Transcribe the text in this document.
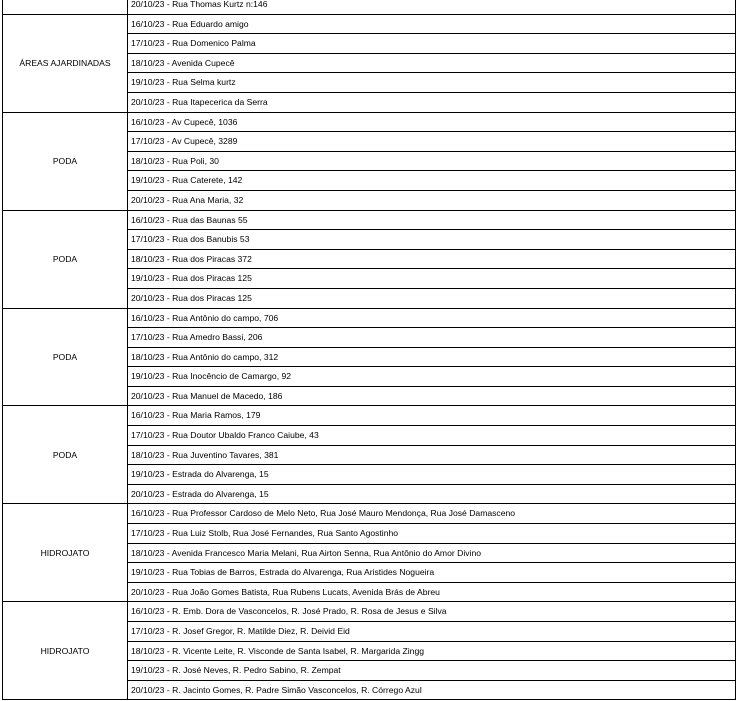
	20/10/23 - Rua Thomas Kurtz n:146
ÁREAS AJARDINADAS	16/10/23 - Rua Eduardo amigo
	17/10/23 - Rua Domenico Palma
	18/10/23 - Avenida Cupecê
	19/10/23 - Rua Selma kurtz
	20/10/23 - Rua Itapecerica da Serra
PODA	16/10/23 - Av Cupecê, 1036
	17/10/23 - Av Cupecê, 3289
	18/10/23 - Rua Poli, 30
	19/10/23 - Rua Caterete, 142
	20/10/23 - Rua Ana Maria, 32
PODA	16/10/23 - Rua das Baunas 55
	17/10/23 - Rua dos Banubis 53
	18/10/23 - Rua dos Piracas 372
	19/10/23 - Rua dos Piracas 125
	20/10/23 - Rua dos Piracas 125
PODA	16/10/23 - Rua Antônio do campo, 706
	17/10/23 - Rua Amedro Bassi, 206
	18/10/23 - Rua Antônio do campo, 312
	19/10/23 - Rua Inocêncio de Camargo, 92
	20/10/23 - Rua Manuel de Macedo, 186
PODA	16/10/23 - Rua Maria Ramos, 179
	17/10/23 - Rua Doutor Ubaldo Franco Caiube, 43
	18/10/23 - Rua Juventino Tavares, 381
	19/10/23 - Estrada do Alvarenga, 15
	20/10/23 - Estrada do Alvarenga, 15
HIDROJATO	16/10/23 - Rua Professor Cardoso de Melo Neto, Rua José Mauro Mendonça, Rua José Damasceno
	17/10/23 - Rua Luiz Stolb, Rua José Fernandes, Rua Santo Agostinho
	18/10/23 - Avenida Francesco Maria Melani, Rua Airton Senna, Rua Antônio do Amor Divino
	19/10/23 - Rua Tobias de Barros, Estrada do Alvarenga, Rua Aristides Nogueira
	20/10/23 - Rua João Gomes Batista, Rua Rubens Lucats, Avenida Brás de Abreu
HIDROJATO	16/10/23 - R. Emb. Dora de Vasconcelos, R. José Prado, R. Rosa de Jesus e Silva
	17/10/23 - R. Josef Gregor, R. Matilde Diez, R. Deivid Eid
	18/10/23 - R. Vicente Leite, R. Visconde de Santa Isabel, R. Margarida Zingg
	19/10/23 - R. José Neves, R. Pedro Sabino, R. Zempat
	20/10/23 - R. Jacinto Gomes, R. Padre Simão Vasconcelos, R. Córrego Azul
